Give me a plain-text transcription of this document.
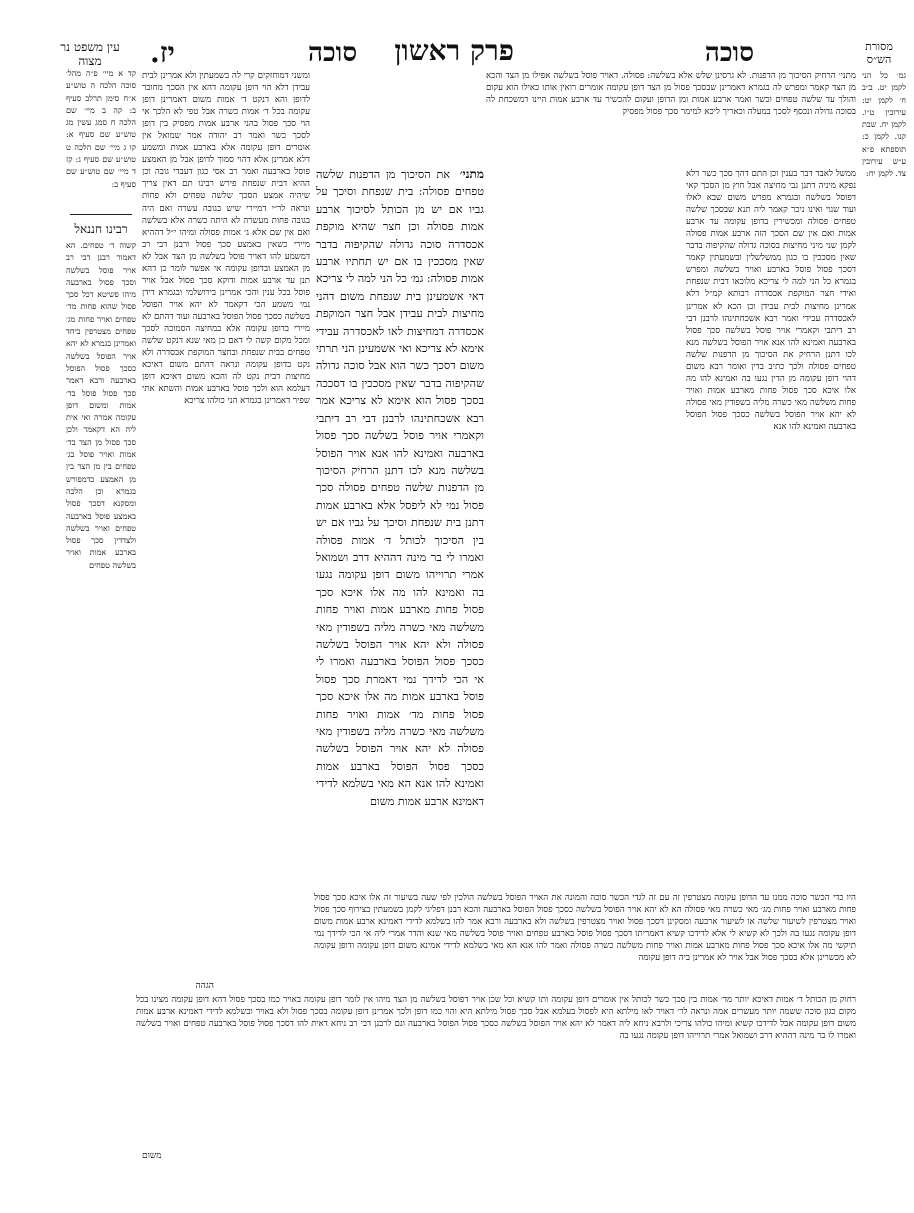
מסורת הש״ס
עין משפט נר מצוה	סוכה
פרק ראשון
סוכה
יז.
גמ׳ כל הני לקמן יט. ב״ב ח׳ לקמן יט: עירובין ט״ו. לקמן יח. שבת קנו. לקמן כ: תוספתא פ״א ע״ש עירובין צד. לקמן יח:
קד א מיי׳ פ״ה מהל׳ סוכה הלכה ה טוש״ע א״ח סימן תרלב סעיף ב: קה ב מיי׳ שם הלכה ח סמג עשין מג טוש״ע שם סעיף א: קו ג מיי׳ שם הלכה ט טוש״ע שם סעיף ג: קז ד מיי׳ שם טוש״ע שם סעיף ב:
רבינו חננאל
קשוה ד׳ טפחים. הא דאמור רבנן דבי רב אויר פוסל בשלשה וסכך פסול בארבעה מיהו פשיטא דכל סכך פסול שהוא פחות מד׳ טפחים ואויר פחות מג׳ טפחים מצטרפין ביחד ואמרינן בגמרא לא יהא אויר הפוסל בשלשה כסכך פסול הפוסל בארבעה ורבא דאמר סכך פסול פוסל בד׳ אמות ומשום דופן עקומה אמרה ואי אית ליה הא דקאמר ולכן סכך פסול מן הצד בד׳ אמות ואויר פוסל בג׳ טפחים בין מן הצד בין מן האמצע כדמפורש בגמרא וכן הלכה ומסקנא דסכך פסול באמצע פוסל בארבעה טפחים ואויר בשלשה ולצדדין סכך פסול בארבע אמות ואויר בשלשה טפחים
מתני׳ הרחיק הסיכוך מן הדפנות. לא גרסינן שלש אלא בשלשה: פסולה. דאויר פוסל בשלשה אפילו מן הצד והכא מן הצד קאמר ומפרש לה בגמרא דאמרינן שבסכך פסול מן הצד דופן עקומה אומרים רואין אותו כאילו הוא עקום והולך עד שלשה טפחים וכשר ואמר ארבע אמות ומן הדופן ועקום להכשיר עד ארבע אמות היינו דמשכחת לה בסוכה גדולה ונכסף לסכך במעלה וכאריך ליכא למימר סכך פסול מפסיק
ומשני דמוחזקים קרי לה בשמעתין ולא אמרינן לבית עבידן דלא הוי דופן עקומה דהא אין הסכך מחובר לדופן והא דנקט ד׳ אמות משום דאמרינן דופן עקומה בכל ד׳ אמות כשרה אבל טפי לא הלכך אי הוי סכך פסול בהני ארבע אמות מפסיק בין דופן לסכך כשר ואמר רב יהודה אמר שמואל אין אומרים דופן עקומה אלא בארבע אמות ומשמע דלא אמרינן אלא דהוי סמוך לדופן אבל מן האמצע פוסל בארבעה ואמר רב אסי כגון דעבדי גובה וכן ההיא דבית שנפחת פירש רבינו תם דאין צריך שיהיה אמצע הסכך שלשה טפחים ולא פחות ונראה לר״י דמיירי שיש בגובה עשרה ואם היה בגובה פחות מעשרה לא היתה כשרה אלא בשלשה ואם אין שם אלא ג׳ אמות פסולה ומיהו י״ל דההיא מיירי כשאין באמצע סכך פסול ורבנן דבי רב דמשמע להו דאויר פוסל בשלשה מן הצד אבל לא מן האמצע ובדופן עקומה אי אפשר לומר כן דהא תנן עד ארבע אמות ודוקא סכך פסול אבל אויר פוסל בכל ענין והכי אמרינן בירושלמי ובגמרא דידן נמי משמע הכי דקאמר לא יהא אויר הפוסל בשלשה כסכך פסול הפוסל בארבעה ועוד דהתם לא מיירי בדופן עקומה אלא במחיצה הסמוכה לסכך ומכל מקום קשה לי דאם כן מאי שנא דנקט שלשה טפחים בבית שנפחת ובחצר המוקפת אכסדרה ולא נקט בדופן עקומה ונראה דהתם משום דאיכא מחיצות דבית נקט לה והכא משום דאיכא דופן דעלמא הוא ולכך פוסל בארבע אמות והשתא אתי שפיר דאמרינן בגמרא הני כולהו צריכא
מתני׳
את הסיכוך מן הדפנות שלשה טפחים פסולה: בית שנפחת וסיכך על גביו אם יש מן הכותל לסיכוך ארבע אמות פסולה וכן חצר שהיא מוקפת אכסדרה סוכה גדולה שהקיפוה בדבר שאין מסככין בו אם יש תחתיו ארבע אמות פסולה: גמ׳ כל הני למה לי צריכא דאי אשמעינן בית שנפחת משום דהני מחיצות לבית עבידן אבל חצר המוקפת אכסדרה דמחיצות לאו לאכסדרה עבידי אימא לא צריכא ואי אשמעינן הני תרתי משום דסכך כשר הוא אבל סוכה גדולה שהקיפוה בדבר שאין מסככין בו דסככה בסכך פסול הוא אימא לא צריכא אמר רבא אשכחתינהו לרבנן דבי רב דיתבי וקאמרי אויר פוסל בשלשה סכך פסול בארבעה ואמינא להו אנא אויר הפוסל בשלשה מנא לכו דתנן הרחיק הסיכוך מן הדפנות שלשה טפחים פסולה סכך פסול נמי לא ליפסל אלא בארבע אמות דתנן בית שנפחת וסיכך על גביו אם יש בין הסיכוך לכותל ד׳ אמות פסולה ואמרו לי בר מינה דההיא דרב ושמואל אמרי תרוייהו משום דופן עקומה נגעו בה ואמינא להו מה אלו איכא סכך פסול פחות מארבע אמות ואויר פחות משלשה מאי כשרה מליה בשפודין מאי פסולה ולא יהא אויר הפוסל בשלשה כסכך פסול הפוסל בארבעה ואמרו לי אי הכי לדידך נמי דאמרת סכך פסול פוסל בארבע אמות מה אלו איכא סכך פסול פחות מד׳ אמות ואויר פחות משלשה מאי כשרה מליה בשפודין מאי פסולה לא יהא אויר הפוסל בשלשה כסכך פסול הפוסל בארבע אמות ואמינא להו אנא הא מאי בשלמא לדידי דאמינא ארבע אמות משום
ממשל לאבד דבר בענין וכן התם דהך סכך כשר דלא נפקא מיניה דתנן גבי מחיצה אבל חוץ מן הסכך קאי דפוסל בשלשה ובגמרא מפרש משום שבא לאלו ועוד שנוי ואינו ניכר קאמר ליה תנא שבסכך שלשה טפחים פסולה ומכשירין בדופן עקומה עד ארבע אמות ואם אין שם הסכך הזה ארבע אמות פסולה לקמן שני מיני מחיצות בסוכה גדולה שהקיפוה בדבר שאין מסככין בו כגון ממשלשלין ובשמעתין קאמר דסכך פסול פוסל בארבע ואויר בשלשה ומפרש בגמרא כל הני למה לי צריכא מלוכאו דבית שנפחת ואידי חצר המוקפת אכסדרה רבותא קמ״ל דלא אמרינן מחיצות לבית עבידן וכן הכא לא אמרינן לאכסדרה עבידי ואמר רבא אשכחתינהו לרבנן דבי רב דיתבי וקאמרי אויר פוסל בשלשה סכך פסול בארבעה ואמינא להו אנא אויר הפוסל בשלשה מנא לכו דתנן הרחיק את הסיכוך מן הדפנות שלשה טפחים פסולה ולכך כתיב בדין ואומר רבא משום דהוי דופן עקומה מן הדין נגעו בה ואמינא להו מה אלו איכא סכך פסול פחות מארבע אמות ואויר פחות משלשה מאי כשרה מליה בשפודין מאי פסולה לא יהא אויר הפוסל בשלשה כסכך פסול הפוסל בארבעה ואמינא להו אנא
היו כדי הכשר סוכה ממנו עד הדופן עקומה מצטרפין זה עם זה לגדי הכשר סוכה והמונה את האויר הפוסל בשלשה הולכין לפי שעה בשיעור זה אלו איכא סכך פסול פחות מארבע ואויר פחות מג׳ מאי כשרה מאי פסולה הא לא יהא אויר הפוסל בשלשה כסכך פסול הפוסל בארבעה והכא רבנן דפליגי לקמן בשמעתין בצירוף סכך פסול ואויר מצטרפין לשיעור שלשה או לשיעור ארבעה ומסקינן דסכך פסול ואויר מצטרפין בשלשה ולא בארבעה ורבא אמר להו בשלמא לדידי דאמינא ארבע אמות משום דופן עקומה נגעו בה ולכך לא קשיא לי אלא לדידכו קשיא דאמריתו דסכך פסול פוסל בארבע טפחים ואויר פוסל בשלשה מאי שנא והדר אמרי ליה אי הכי לדידך נמי תיקשי מה אלו איכא סכך פסול פחות מארבע אמות ואויר פחות משלשה כשרה פסולה ואמר להו אנא הא מאי בשלמא לדידי אמינא משום דופן עקומה ודופן עקומה לא מכשרינן אלא בסכך פסול אבל אויר לא אמרינן ביה דופן עקומה
הגהה
רחוק מן הכותל ד׳ אמות דאיכא יותר מד׳ אמות בין סכך כשר לכותל אין אומרים דופן עקומה ותו קשיא וכל שכן אויר דפוסל בשלשה מן הצד מיהו אין לומר דופן עקומה באויר כמו בסכך פסול דהא דופן עקומה מצינו בכל מקום כגון סוכה ששמה יותר מעשרים אמה ונראה לר׳ דאויר לאו מילתא היא לפסול בעלמא אבל סכך פסול מילתא היא והוי כמו דופן ולכך אמרינן דופן עקומה בסכך פסול ולא באויר ובשלמא לדידי דאמינא ארבע אמות משום דופן עקומה אבל לדידכו קשיא ומיהו כולהו צריכי ולרבא ניחא ליה דאמר לא יהא אויר הפוסל בשלשה כסכך פסול הפוסל בארבעה וגם לרבנן דבי רב ניחא דאית להו דסכך פסול פוסל בארבעה טפחים ואויר בשלשה ואמרו לו בר מינה דההיא דרב ושמואל אמרי תרוייהו דופן עקומה נגעו בה
משום
